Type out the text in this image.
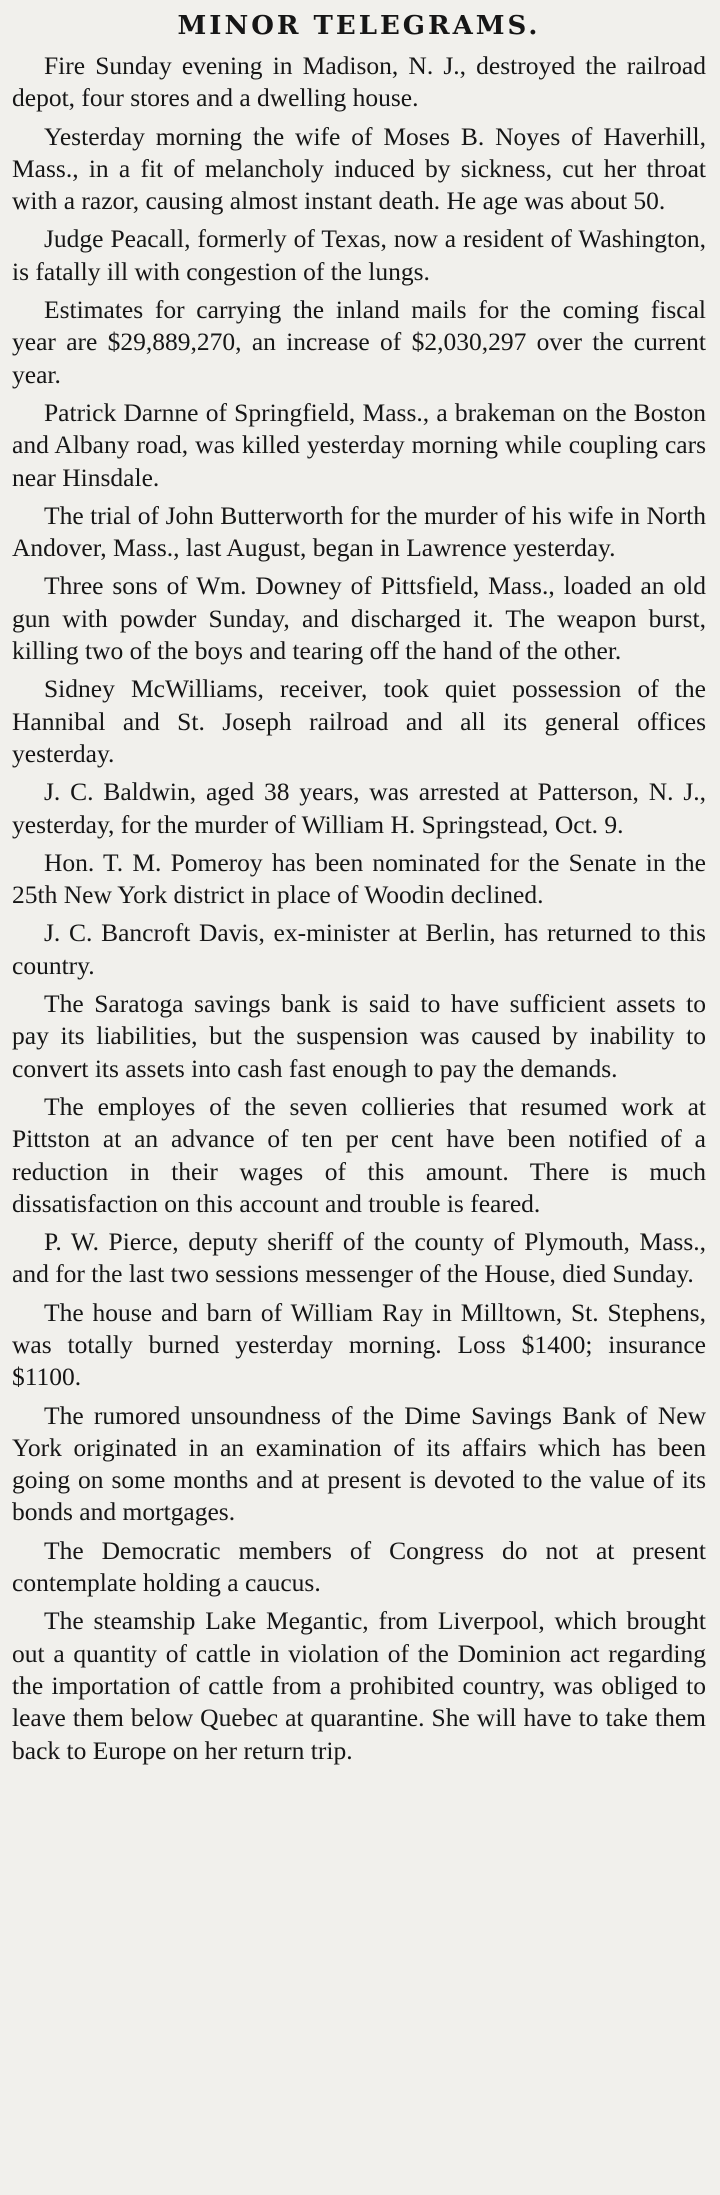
MINOR TELEGRAMS.

Fire Sunday evening in Madison, N. J., destroyed the railroad depot, four stores and a dwelling house.

Yesterday morning the wife of Moses B. Noyes of Haverhill, Mass., in a fit of melancholy induced by sickness, cut her throat with a razor, causing almost instant death. He age was about 50.

Judge Peacall, formerly of Texas, now a resident of Washington, is fatally ill with congestion of the lungs.

Estimates for carrying the inland mails for the coming fiscal year are $29,889,270, an increase of $2,030,297 over the current year.

Patrick Darnne of Springfield, Mass., a brakeman on the Boston and Albany road, was killed yesterday morning while coupling cars near Hinsdale.

The trial of John Butterworth for the murder of his wife in North Andover, Mass., last August, began in Lawrence yesterday.

Three sons of Wm. Downey of Pittsfield, Mass., loaded an old gun with powder Sunday, and discharged it. The weapon burst, killing two of the boys and tearing off the hand of the other.

Sidney McWilliams, receiver, took quiet possession of the Hannibal and St. Joseph railroad and all its general offices yesterday.

J. C. Baldwin, aged 38 years, was arrested at Patterson, N. J., yesterday, for the murder of William H. Springstead, Oct. 9.

Hon. T. M. Pomeroy has been nominated for the Senate in the 25th New York district in place of Woodin declined.

J. C. Bancroft Davis, ex-minister at Berlin, has returned to this country.

The Saratoga savings bank is said to have sufficient assets to pay its liabilities, but the suspension was caused by inability to convert its assets into cash fast enough to pay the demands.

The employes of the seven collieries that resumed work at Pittston at an advance of ten per cent have been notified of a reduction in their wages of this amount. There is much dissatisfaction on this account and trouble is feared.

P. W. Pierce, deputy sheriff of the county of Plymouth, Mass., and for the last two sessions messenger of the House, died Sunday.

The house and barn of William Ray in Milltown, St. Stephens, was totally burned yesterday morning. Loss $1400; insurance $1100.

The rumored unsoundness of the Dime Savings Bank of New York originated in an examination of its affairs which has been going on some months and at present is devoted to the value of its bonds and mortgages.

The Democratic members of Congress do not at present contemplate holding a caucus.

The steamship Lake Megantic, from Liverpool, which brought out a quantity of cattle in violation of the Dominion act regarding the importation of cattle from a prohibited country, was obliged to leave them below Quebec at quarantine. She will have to take them back to Europe on her return trip.
